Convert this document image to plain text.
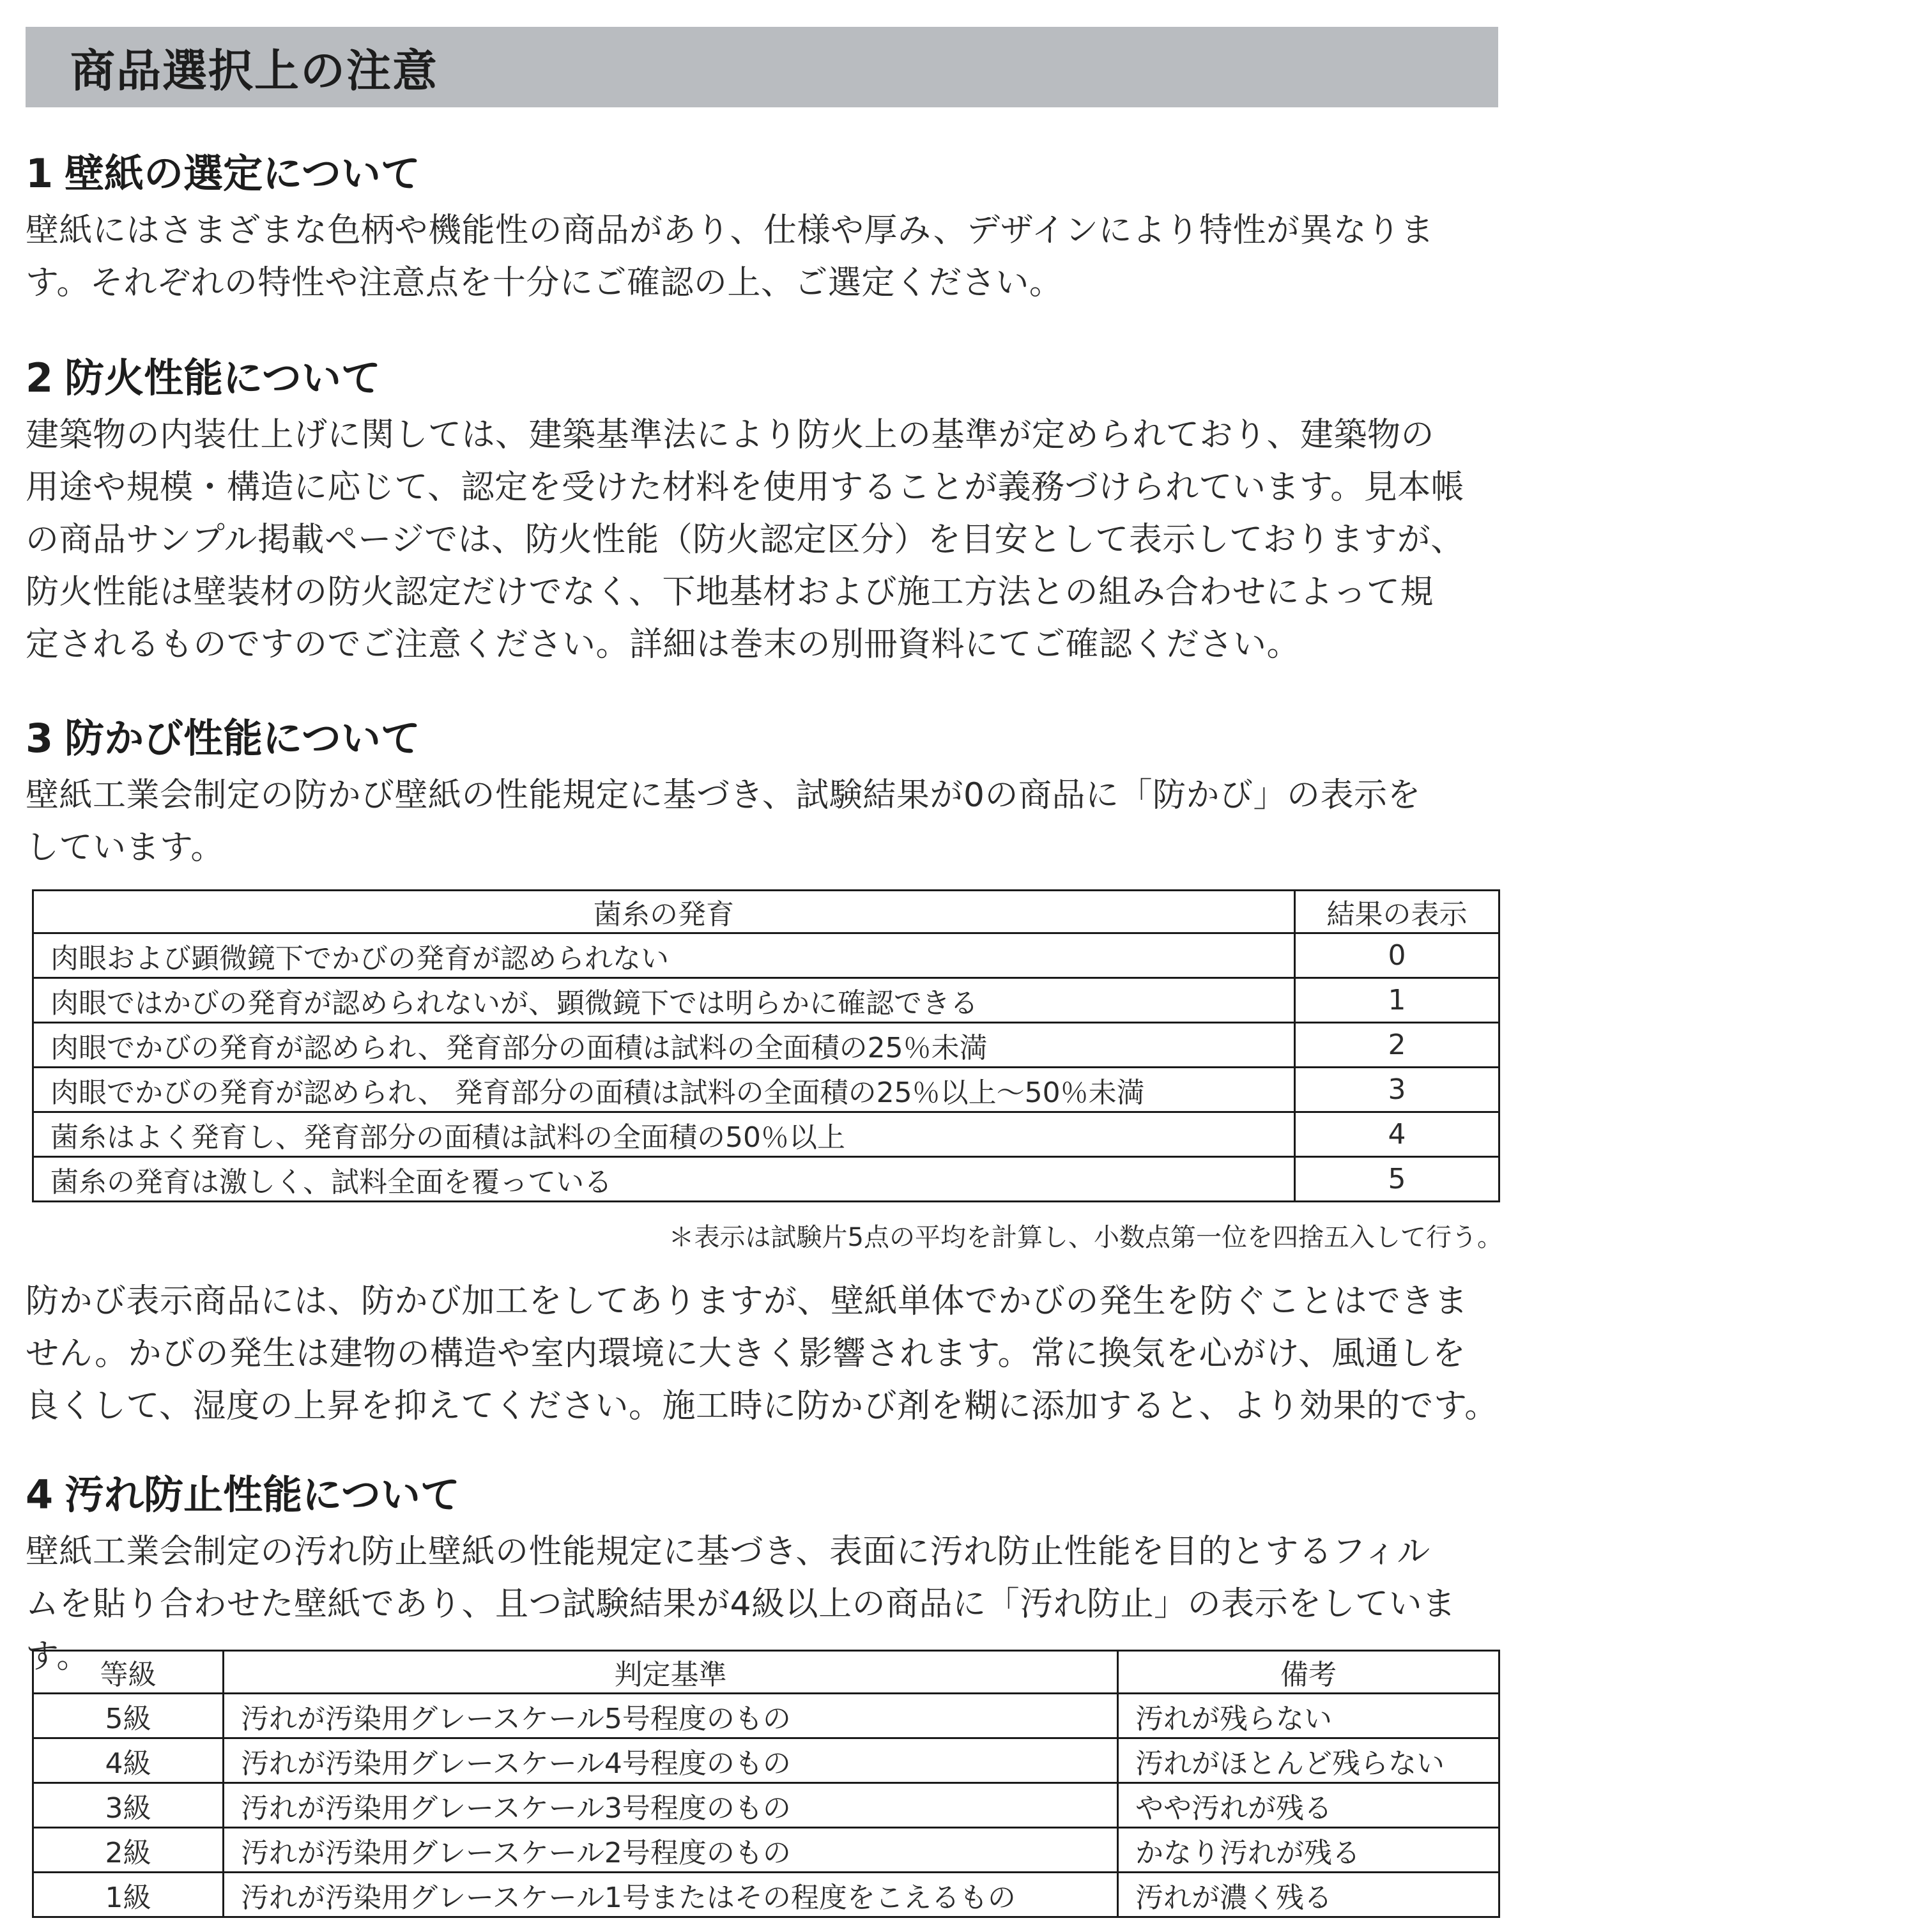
商品選択上の注意
1 壁紙の選定について

壁紙にはさまざまな色柄や機能性の商品があり、仕様や厚み、デザインにより特性が異なりま

す。それぞれの特性や注意点を十分にご確認の上、ご選定ください。

2 防火性能について

建築物の内装仕上げに関しては、建築基準法により防火上の基準が定められており、建築物の

用途や規模・構造に応じて、認定を受けた材料を使用することが義務づけられています。見本帳

の商品サンプル掲載ページでは、防火性能（防火認定区分）を目安として表示しておりますが、

防火性能は壁装材の防火認定だけでなく、下地基材および施工方法との組み合わせによって規

定されるものですのでご注意ください。詳細は巻末の別冊資料にてご確認ください。

3 防かび性能について

壁紙工業会制定の防かび壁紙の性能規定に基づき、試験結果が0の商品に「防かび」の表示を

しています。

菌糸の発育	結果の表示
肉眼および顕微鏡下でかびの発育が認められない	0
肉眼ではかびの発育が認められないが、顕微鏡下では明らかに確認できる	1
肉眼でかびの発育が認められ、発育部分の面積は試料の全面積の25％未満	2
肉眼でかびの発育が認められ、 発育部分の面積は試料の全面積の25％以上～50％未満	3
菌糸はよく発育し、発育部分の面積は試料の全面積の50％以上	4
菌糸の発育は激しく、試料全面を覆っている	5
＊表示は試験片5点の平均を計算し、小数点第一位を四捨五入して行う。

防かび表示商品には、防かび加工をしてありますが、壁紙単体でかびの発生を防ぐことはできま

せん。かびの発生は建物の構造や室内環境に大きく影響されます。常に換気を心がけ、風通しを

良くして、湿度の上昇を抑えてください。施工時に防かび剤を糊に添加すると、より効果的です。

4 汚れ防止性能について

壁紙工業会制定の汚れ防止壁紙の性能規定に基づき、表面に汚れ防止性能を目的とするフィル

ムを貼り合わせた壁紙であり、且つ試験結果が4級以上の商品に「汚れ防止」の表示をしています。 等級	判定基準	備考
5級	汚れが汚染用グレースケール5号程度のもの	汚れが残らない
4級	汚れが汚染用グレースケール4号程度のもの	汚れがほとんど残らない
3級	汚れが汚染用グレースケール3号程度のもの	やや汚れが残る
2級	汚れが汚染用グレースケール2号程度のもの	かなり汚れが残る
1級	汚れが汚染用グレースケール1号またはその程度をこえるもの	汚れが濃く残る
